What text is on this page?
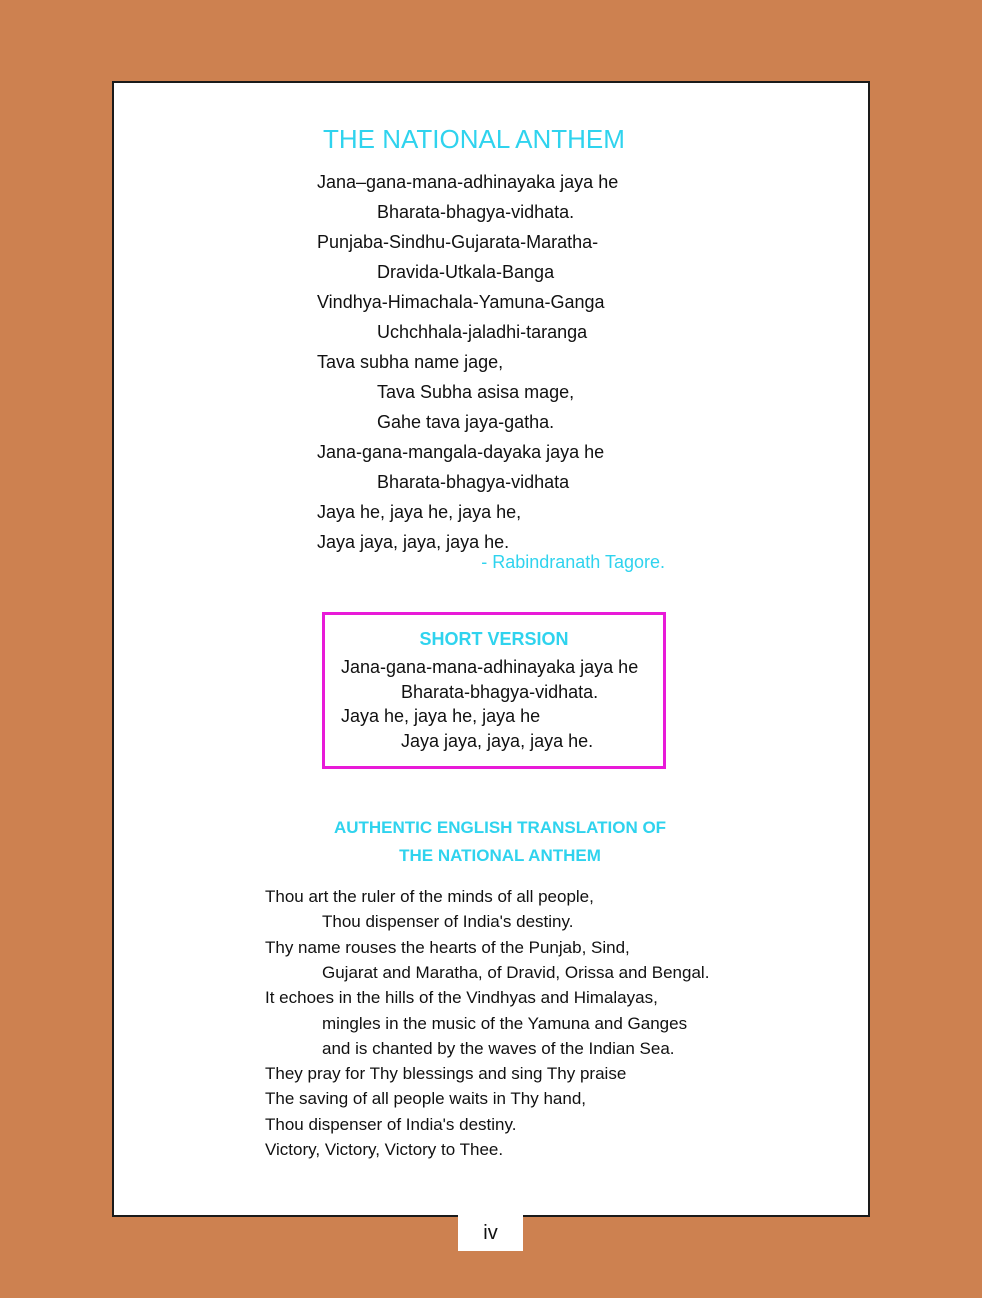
THE NATIONAL ANTHEM
Jana–gana-mana-adhinayaka jaya he
Bharata-bhagya-vidhata.
Punjaba-Sindhu-Gujarata-Maratha-
Dravida-Utkala-Banga
Vindhya-Himachala-Yamuna-Ganga
Uchchhala-jaladhi-taranga
Tava subha name jage,
Tava Subha asisa mage,
Gahe tava jaya-gatha.
Jana-gana-mangala-dayaka jaya he
Bharata-bhagya-vidhata
Jaya he, jaya he, jaya he,
Jaya jaya, jaya, jaya he.
- Rabindranath Tagore.
SHORT VERSION
Jana-gana-mana-adhinayaka jaya he
Bharata-bhagya-vidhata.
Jaya he, jaya he, jaya he
Jaya jaya, jaya, jaya he.
AUTHENTIC ENGLISH TRANSLATION OF
THE NATIONAL ANTHEM
Thou art the ruler of the minds of all people,
Thou dispenser of India's destiny.
Thy name rouses the hearts of the Punjab, Sind,
Gujarat and Maratha, of Dravid, Orissa and Bengal.
It echoes in the hills of the Vindhyas and Himalayas,
mingles in the music of the Yamuna and Ganges
and is chanted by the waves of the Indian Sea.
They pray for Thy blessings and sing Thy praise
The saving of all people waits in Thy hand,
Thou dispenser of India's destiny.
Victory, Victory, Victory to Thee.
iv
